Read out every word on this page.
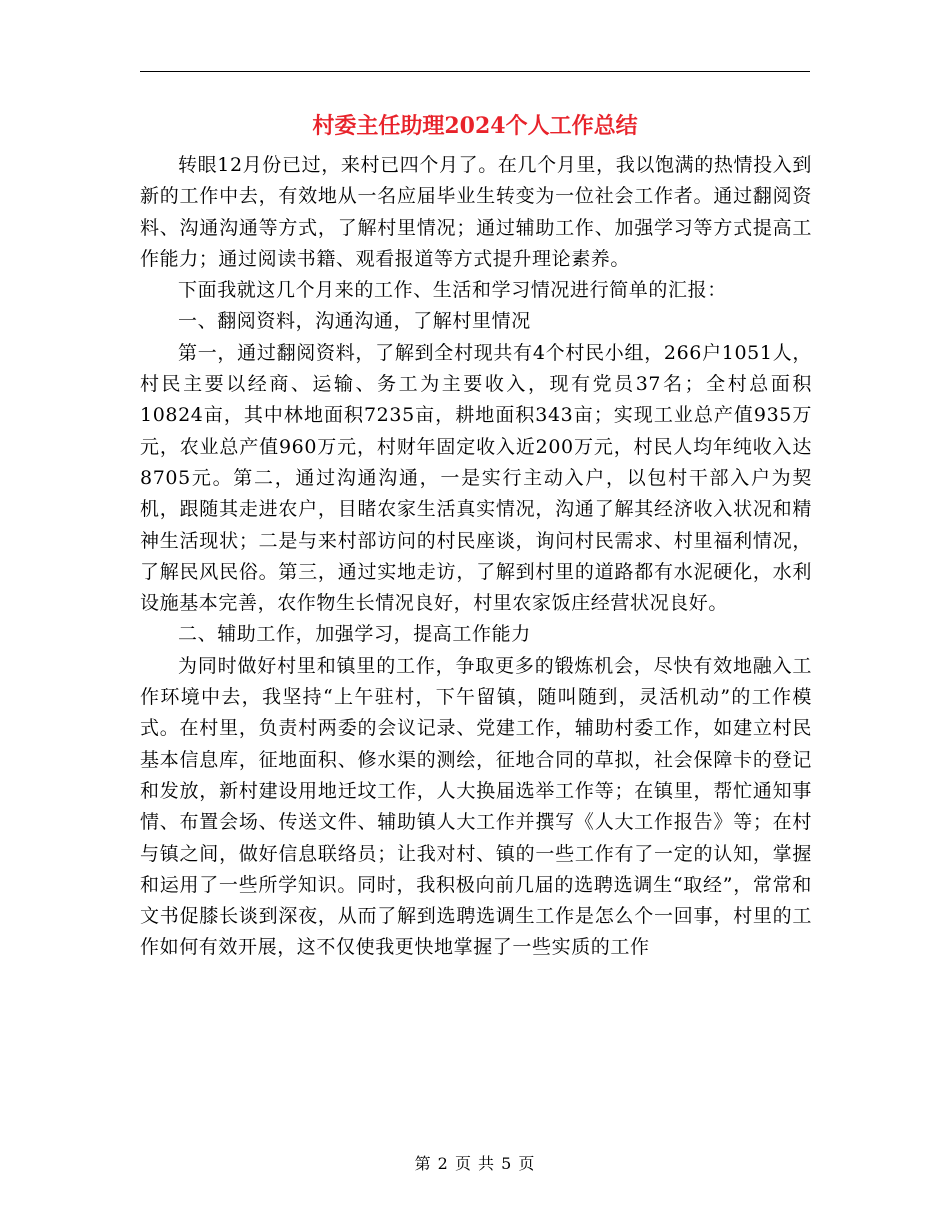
村委主任助理2024个人工作总结

转眼12月份已过，来村已四个月了。在几个月里，我以饱满的热情投入到新的工作中去，有效地从一名应届毕业生转变为一位社会工作者。通过翻阅资料、沟通沟通等方式，了解村里情况；通过辅助工作、加强学习等方式提高工作能力；通过阅读书籍、观看报道等方式提升理论素养。

下面我就这几个月来的工作、生活和学习情况进行简单的汇报：

一、翻阅资料，沟通沟通，了解村里情况

第一，通过翻阅资料，了解到全村现共有4个村民小组，266户1051人，村民主要以经商、运输、务工为主要收入，现有党员37名；全村总面积10824亩，其中林地面积7235亩，耕地面积343亩；实现工业总产值935万元，农业总产值960万元，村财年固定收入近200万元，村民人均年纯收入达8705元。第二，通过沟通沟通，一是实行主动入户，以包村干部入户为契机，跟随其走进农户，目睹农家生活真实情况，沟通了解其经济收入状况和精神生活现状；二是与来村部访问的村民座谈，询问村民需求、村里福利情况，了解民风民俗。第三，通过实地走访，了解到村里的道路都有水泥硬化，水利设施基本完善，农作物生长情况良好，村里农家饭庄经营状况良好。

二、辅助工作，加强学习，提高工作能力

为同时做好村里和镇里的工作，争取更多的锻炼机会，尽快有效地融入工作环境中去，我坚持“上午驻村，下午留镇，随叫随到，灵活机动”的工作模式。在村里，负责村两委的会议记录、党建工作，辅助村委工作，如建立村民基本信息库，征地面积、修水渠的测绘，征地合同的草拟，社会保障卡的登记和发放，新村建设用地迁坟工作，人大换届选举工作等；在镇里，帮忙通知事情、布置会场、传送文件、辅助镇人大工作并撰写《人大工作报告》等；在村与镇之间，做好信息联络员；让我对村、镇的一些工作有了一定的认知，掌握和运用了一些所学知识。同时，我积极向前几届的选聘选调生“取经”，常常和文书促膝长谈到深夜，从而了解到选聘选调生工作是怎么个一回事，村里的工作如何有效开展，这不仅使我更快地掌握了一些实质的工作

第 2 页 共 5 页
